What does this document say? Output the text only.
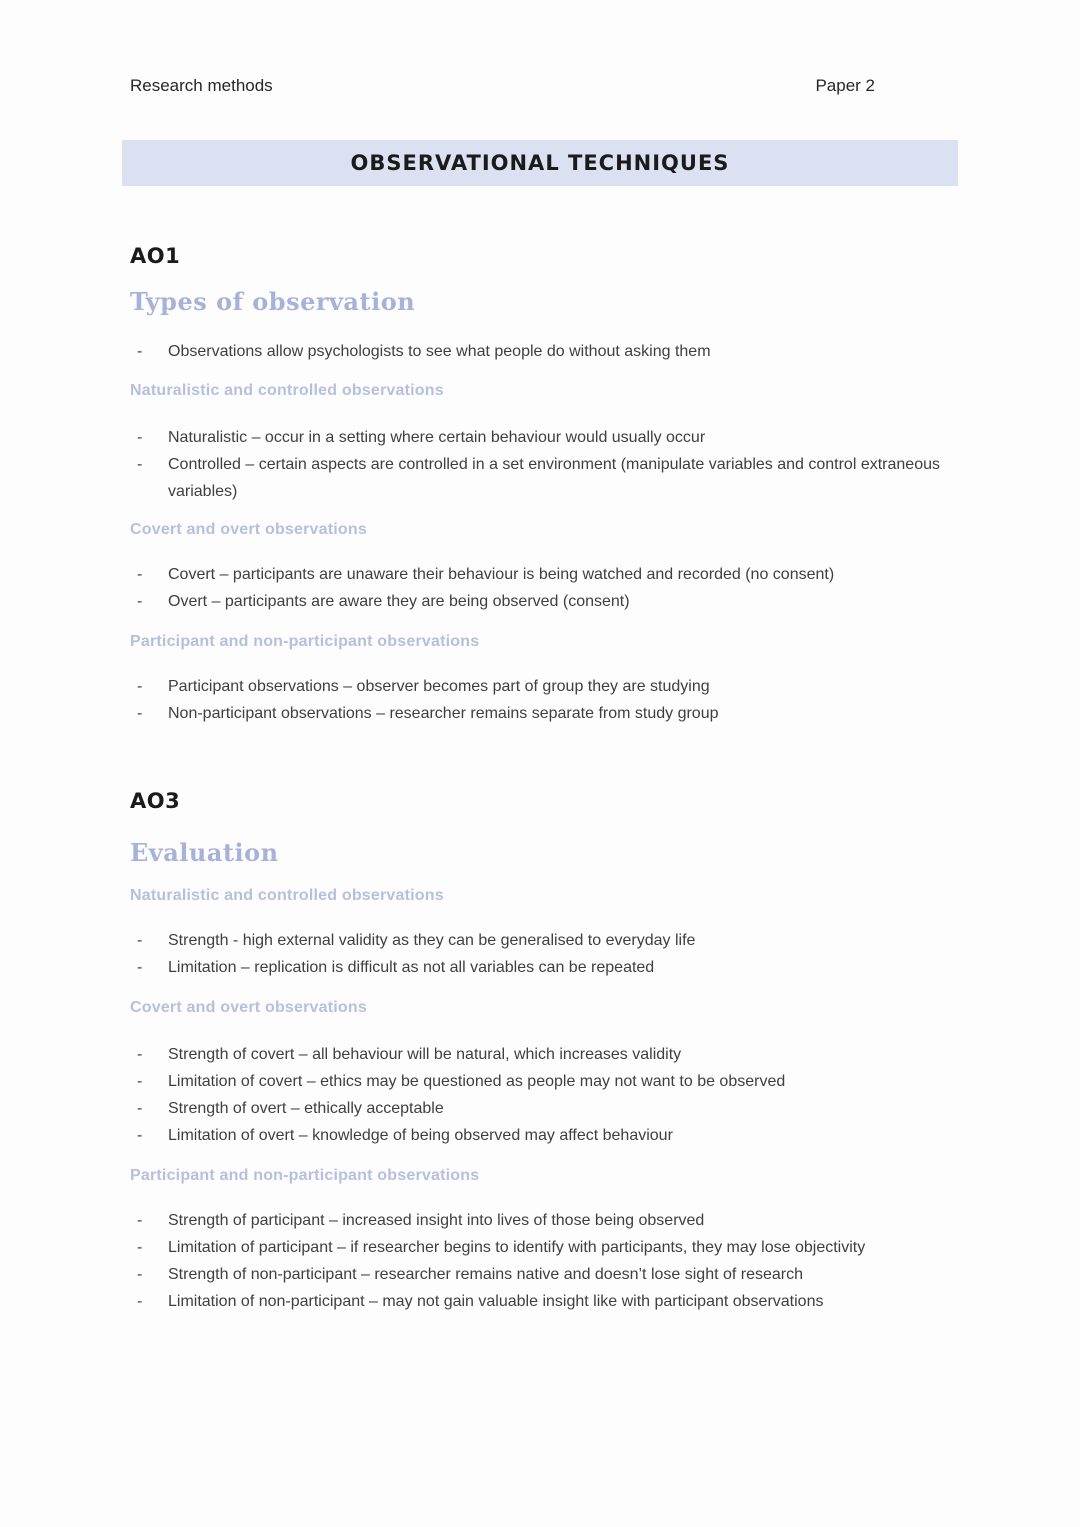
Research methods	Paper 2
OBSERVATIONAL TECHNIQUES
AO1
Types of observation
-	Observations allow psychologists to see what people do without asking them
Naturalistic and controlled observations
-	Naturalistic – occur in a setting where certain behaviour would usually occur
-	Controlled – certain aspects are controlled in a set environment (manipulate variables and control extraneous variables)
Covert and overt observations
-	Covert – participants are unaware their behaviour is being watched and recorded (no consent)
-	Overt – participants are aware they are being observed (consent)
Participant and non-participant observations
-	Participant observations – observer becomes part of group they are studying
-	Non-participant observations – researcher remains separate from study group
AO3
Evaluation
Naturalistic and controlled observations
-	Strength - high external validity as they can be generalised to everyday life
-	Limitation – replication is difficult as not all variables can be repeated
Covert and overt observations
-	Strength of covert – all behaviour will be natural, which increases validity
-	Limitation of covert – ethics may be questioned as people may not want to be observed
-	Strength of overt – ethically acceptable
-	Limitation of overt – knowledge of being observed may affect behaviour
Participant and non-participant observations
-	Strength of participant – increased insight into lives of those being observed
-	Limitation of participant – if researcher begins to identify with participants, they may lose objectivity
-	Strength of non-participant – researcher remains native and doesn’t lose sight of research
-	Limitation of non-participant – may not gain valuable insight like with participant observations
